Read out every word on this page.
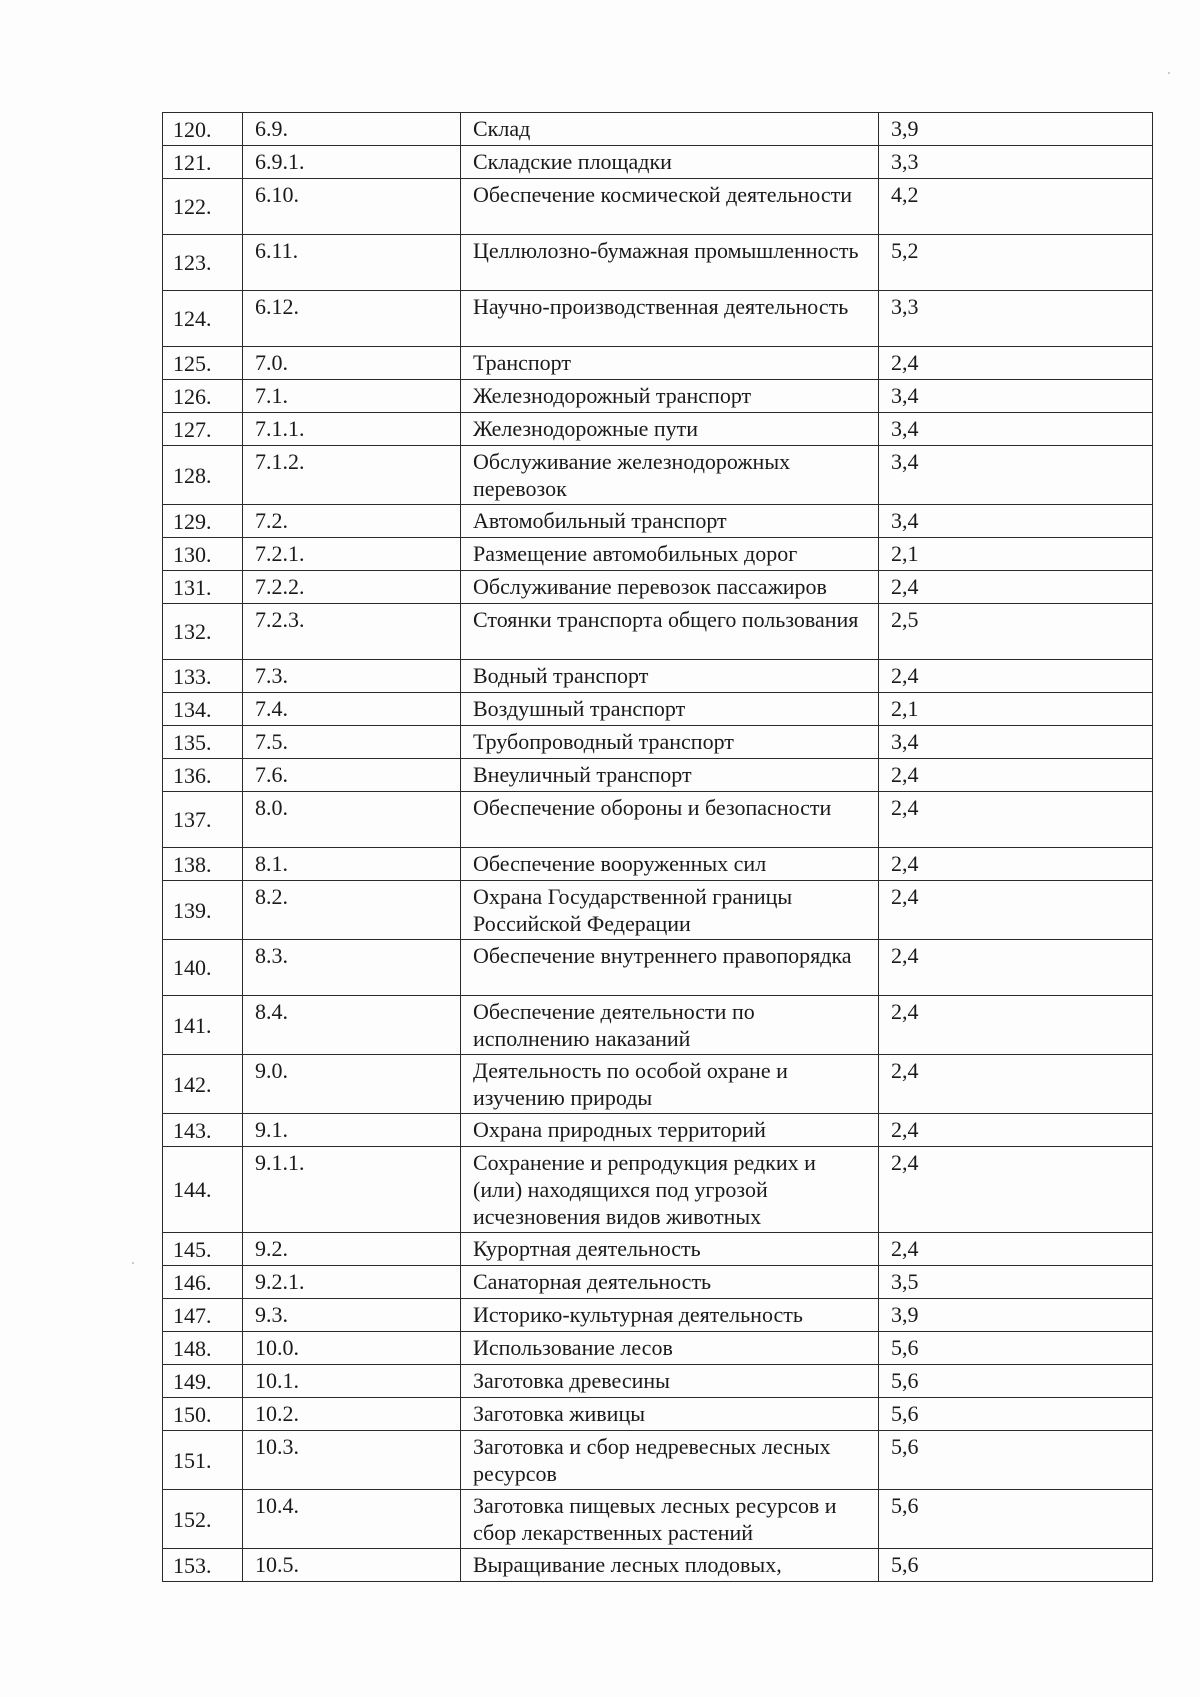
120.	6.9.	Склад	3,9
121.	6.9.1.	Складские площадки	3,3
122.	6.10.	Обеспечение космической деятельности	4,2
123.	6.11.	Целлюлозно-бумажная промышленность	5,2
124.	6.12.	Научно-производственная деятельность	3,3
125.	7.0.	Транспорт	2,4
126.	7.1.	Железнодорожный транспорт	3,4
127.	7.1.1.	Железнодорожные пути	3,4
128.	7.1.2.	Обслуживание железнодорожных перевозок	3,4
129.	7.2.	Автомобильный транспорт	3,4
130.	7.2.1.	Размещение автомобильных дорог	2,1
131.	7.2.2.	Обслуживание перевозок пассажиров	2,4
132.	7.2.3.	Стоянки транспорта общего пользования	2,5
133.	7.3.	Водный транспорт	2,4
134.	7.4.	Воздушный транспорт	2,1
135.	7.5.	Трубопроводный транспорт	3,4
136.	7.6.	Внеуличный транспорт	2,4
137.	8.0.	Обеспечение обороны и безопасности	2,4
138.	8.1.	Обеспечение вооруженных сил	2,4
139.	8.2.	Охрана Государственной границы Российской Федерации	2,4
140.	8.3.	Обеспечение внутреннего правопорядка	2,4
141.	8.4.	Обеспечение деятельности по исполнению наказаний	2,4
142.	9.0.	Деятельность по особой охране и изучению природы	2,4
143.	9.1.	Охрана природных территорий	2,4
144.	9.1.1.	Сохранение и репродукция редких и (или) находящихся под угрозой исчезновения видов животных	2,4
145.	9.2.	Курортная деятельность	2,4
146.	9.2.1.	Санаторная деятельность	3,5
147.	9.3.	Историко-культурная деятельность	3,9
148.	10.0.	Использование лесов	5,6
149.	10.1.	Заготовка древесины	5,6
150.	10.2.	Заготовка живицы	5,6
151.	10.3.	Заготовка и сбор недревесных лесных ресурсов	5,6
152.	10.4.	Заготовка пищевых лесных ресурсов и сбор лекарственных растений	5,6
153.	10.5.	Выращивание лесных плодовых,	5,6
